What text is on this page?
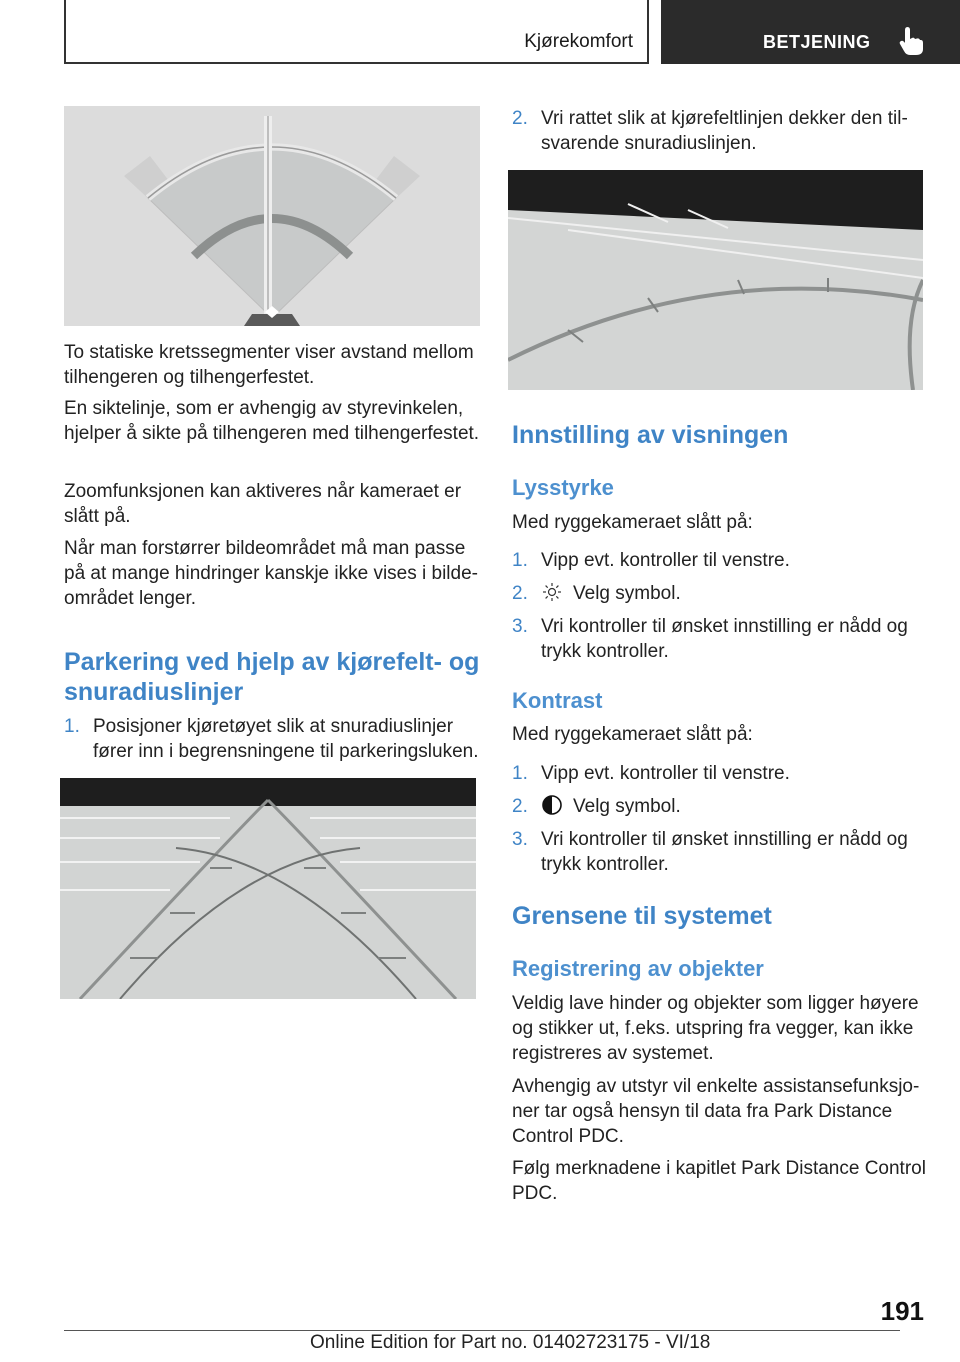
Kjørekomfort	BETJENING

To statiske kretssegmenter viser avstand mellom tilhengeren og tilhengerfestet.

En siktelinje, som er avhengig av styrevinkelen, hjelper å sikte på tilhengeren med tilhengerfestet.

Zoomfunksjonen kan aktiveres når kameraet er slått på.

Når man forstørrer bildeområdet må man passe på at mange hindringer kanskje ikke vises i bildeområdet lenger.

Parkering ved hjelp av kjørefelt- og snuradiuslinjer
1. Posisjoner kjøretøyet slik at snuradiuslinjer fører inn i begrensningene til parkeringsluken.
2. Vri rattet slik at kjørefeltlinjen dekker den tilsvarende snuradiuslinjen.
Innstilling av visningen
Lysstyrke

Med ryggekameraet slått på:

1. Vipp evt. kontroller til venstre.
2.	Velg symbol.
3. Vri kontroller til ønsket innstilling er nådd og trykk kontroller.
Kontrast

Med ryggekameraet slått på:

1. Vipp evt. kontroller til venstre.
2.	Velg symbol.
3. Vri kontroller til ønsket innstilling er nådd og trykk kontroller.
Grensene til systemet
Registrering av objekter

Veldig lave hinder og objekter som ligger høyere og stikker ut, f.eks. utspring fra vegger, kan ikke registreres av systemet.

Avhengig av utstyr vil enkelte assistansefunksjoner tar også hensyn til data fra Park Distance Control PDC.

Følg merknadene i kapitlet Park Distance Control PDC.

191
Online Edition for Part no. 01402723175 - VI/18
